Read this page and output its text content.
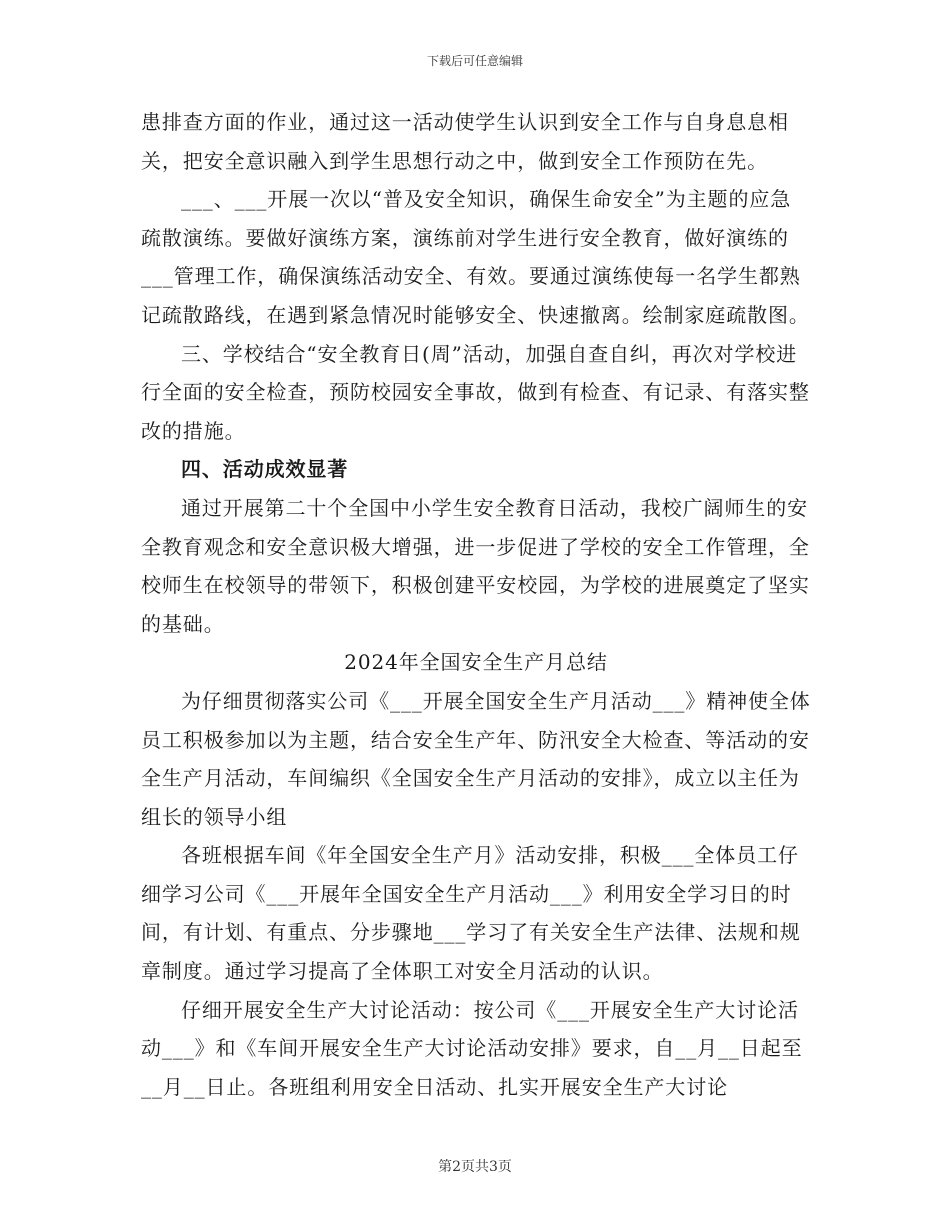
下载后可任意编辑

患排查方面的作业，通过这一活动使学生认识到安全工作与自身息息相关，把安全意识融入到学生思想行动之中，做到安全工作预防在先。

___、___开展一次以“普及安全知识，确保生命安全”为主题的应急疏散演练。要做好演练方案，演练前对学生进行安全教育，做好演练的___管理工作，确保演练活动安全、有效。要通过演练使每一名学生都熟记疏散路线，在遇到紧急情况时能够安全、快速撤离。绘制家庭疏散图。

三、学校结合“安全教育日(周”活动，加强自查自纠，再次对学校进行全面的安全检查，预防校园安全事故，做到有检查、有记录、有落实整改的措施。

四、活动成效显著

通过开展第二十个全国中小学生安全教育日活动，我校广阔师生的安全教育观念和安全意识极大增强，进一步促进了学校的安全工作管理，全校师生在校领导的带领下，积极创建平安校园，为学校的进展奠定了坚实的基础。

2024年全国安全生产月总结

为仔细贯彻落实公司《___开展全国安全生产月活动___》精神使全体员工积极参加以为主题，结合安全生产年、防汛安全大检查、等活动的安全生产月活动，车间编织《全国安全生产月活动的安排》，成立以主任为组长的领导小组

各班根据车间《年全国安全生产月》活动安排，积极___全体员工仔细学习公司《___开展年全国安全生产月活动___》利用安全学习日的时间，有计划、有重点、分步骤地___学习了有关安全生产法律、法规和规章制度。通过学习提高了全体职工对安全月活动的认识。

仔细开展安全生产大讨论活动：按公司《___开展安全生产大讨论活动___》和《车间开展安全生产大讨论活动安排》要求，自__月__日起至__月__日止。各班组利用安全日活动、扎实开展安全生产大讨论

第2页共3页
